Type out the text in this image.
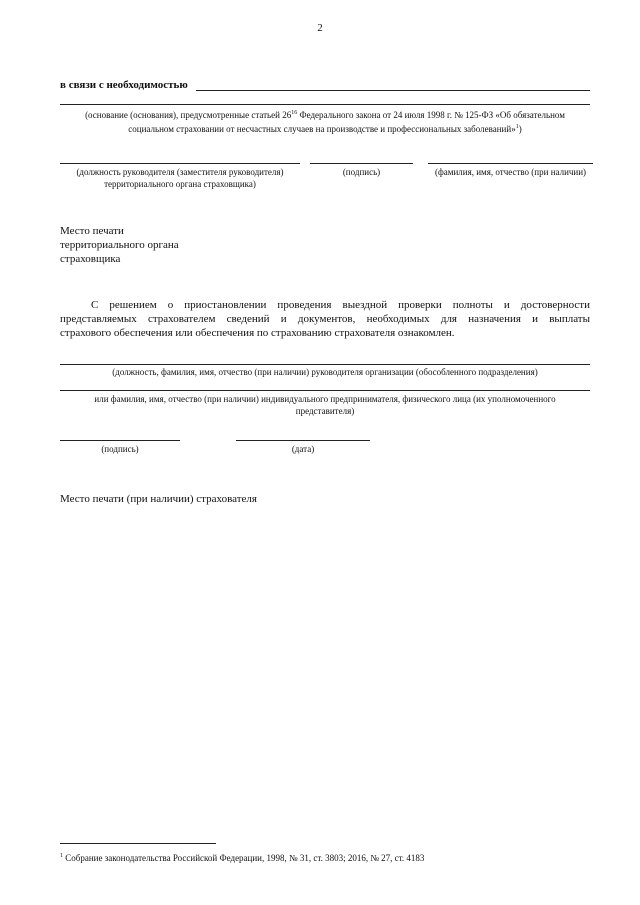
2
в связи с необходимостью
(основание (основания), предусмотренные статьей $26^{16}$ Федерального закона от 24 июля 1998 г. № 125-ФЗ «Об обязательном
социальном страховании от несчастных случаев на производстве и профессиональных заболеваний»$^1$)
(должность руководителя (заместителя руководителя)
территориального органа страховщика)
(подпись)	(фамилия, имя, отчество (при наличии)
Место печати
территориального органа
страховщика
С решением о приостановлении проведения выездной проверки полноты и достоверности
представляемых страхователем сведений и документов, необходимых для назначения и выплаты
страхового обеспечения или обеспечения по страхованию страхователя ознакомлен.
(должность, фамилия, имя, отчество (при наличии) руководителя организации (обособленного подразделения)
или фамилия, имя, отчество (при наличии) индивидуального предпринимателя, физического лица (их уполномоченного
представителя)
(подпись)	(дата)
Место печати (при наличии) страхователя
$^1$ Собрание законодательства Российской Федерации, 1998, № 31, ст. 3803; 2016, № 27, ст. 4183
